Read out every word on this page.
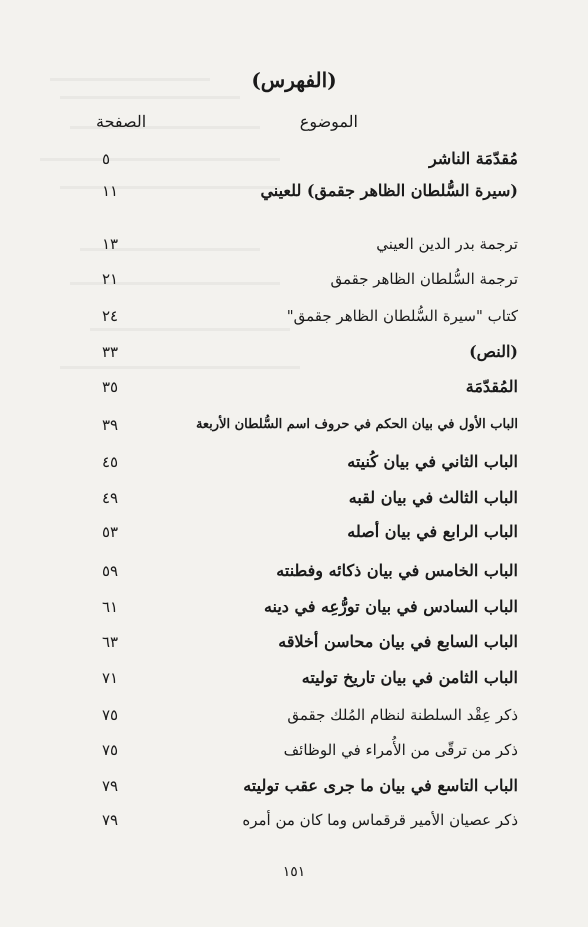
(الفهرس)
الموضوع
الصفحة
مُقدّمَة الناشر
٥
(سيرة السُّلطان الظاهر جقمق) للعيني
١١
ترجمة بدر الدين العيني
١٣
ترجمة السُّلطان الظاهر جقمق
٢١
كتاب "سيرة السُّلطان الظاهر جقمق"
٢٤
(النص)
٣٣
المُقدّمَة
٣٥
الباب الأول في بيان الحكم في حروف اسم السُّلطان الأربعة
٣٩
الباب الثاني في بيان كُنيته
٤٥
الباب الثالث في بيان لقبه
٤٩
الباب الرابع في بيان أصله
٥٣
الباب الخامس في بيان ذكائه وفطنته
٥٩
الباب السادس في بيان تورُّعِه في دينه
٦١
الباب السابع في بيان محاسن أخلاقه
٦٣
الباب الثامن في بيان تاريخ توليته
٧١
ذكر عِقْد السلطنة لنظام المُلك جقمق
٧٥
ذكر من ترقّى من الأُمراء في الوظائف
٧٥
الباب التاسع في بيان ما جرى عقب توليته
٧٩
ذكر عصيان الأمير قرقماس وما كان من أمره
٧٩
١٥١
